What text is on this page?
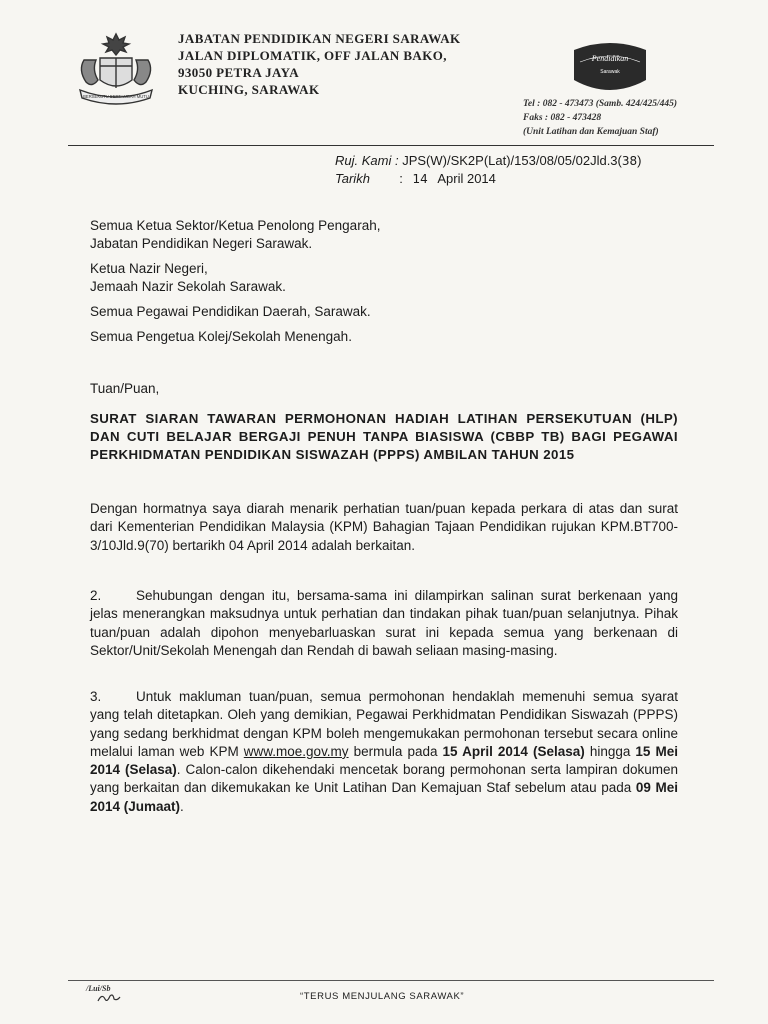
BERSEKUTU BERTAMBAH MUTU
JABATAN PENDIDIKAN NEGERI SARAWAK
JALAN DIPLOMATIK, OFF JALAN BAKO,
93050 PETRA JAYA
KUCHING, SARAWAK
Pendidikan
Sarawak
Tel : 082 - 473473 (Samb. 424/425/445)
Faks : 082 - 473428
(Unit Latihan dan Kemajuan Staf)
Ruj. Kami : JPS(W)/SK2P(Lat)/153/08/05/02Jld.3(38)
Tarikh : 14 April 2014
Semua Ketua Sektor/Ketua Penolong Pengarah,
Jabatan Pendidikan Negeri Sarawak.
Ketua Nazir Negeri,
Jemaah Nazir Sekolah Sarawak.
Semua Pegawai Pendidikan Daerah, Sarawak.
Semua Pengetua Kolej/Sekolah Menengah.
Tuan/Puan,
SURAT SIARAN TAWARAN PERMOHONAN HADIAH LATIHAN PERSEKUTUAN (HLP) DAN CUTI BELAJAR BERGAJI PENUH TANPA BIASISWA (CBBP TB) BAGI PEGAWAI PERKHIDMATAN PENDIDIKAN SISWAZAH (PPPS) AMBILAN TAHUN 2015
Dengan hormatnya saya diarah menarik perhatian tuan/puan kepada perkara di atas dan surat dari Kementerian Pendidikan Malaysia (KPM) Bahagian Tajaan Pendidikan rujukan KPM.BT700-3/10Jld.9(70) bertarikh 04 April 2014 adalah berkaitan.
2.	Sehubungan dengan itu, bersama-sama ini dilampirkan salinan surat berkenaan yang jelas menerangkan maksudnya untuk perhatian dan tindakan pihak tuan/puan selanjutnya. Pihak tuan/puan adalah dipohon menyebarluaskan surat ini kepada semua yang berkenaan di Sektor/Unit/Sekolah Menengah dan Rendah di bawah seliaan masing-masing.
3.	Untuk makluman tuan/puan, semua permohonan hendaklah memenuhi semua syarat yang telah ditetapkan. Oleh yang demikian, Pegawai Perkhidmatan Pendidikan Siswazah (PPPS) yang sedang berkhidmat dengan KPM boleh mengemukakan permohonan tersebut secara online melalui laman web KPM www.moe.gov.my bermula pada 15 April 2014 (Selasa) hingga 15 Mei 2014 (Selasa). Calon-calon dikehendaki mencetak borang permohonan serta lampiran dokumen yang berkaitan dan dikemukakan ke Unit Latihan Dan Kemajuan Staf sebelum atau pada 09 Mei 2014 (Jumaat).
/Lui/Sb
“TERUS MENJULANG SARAWAK”
